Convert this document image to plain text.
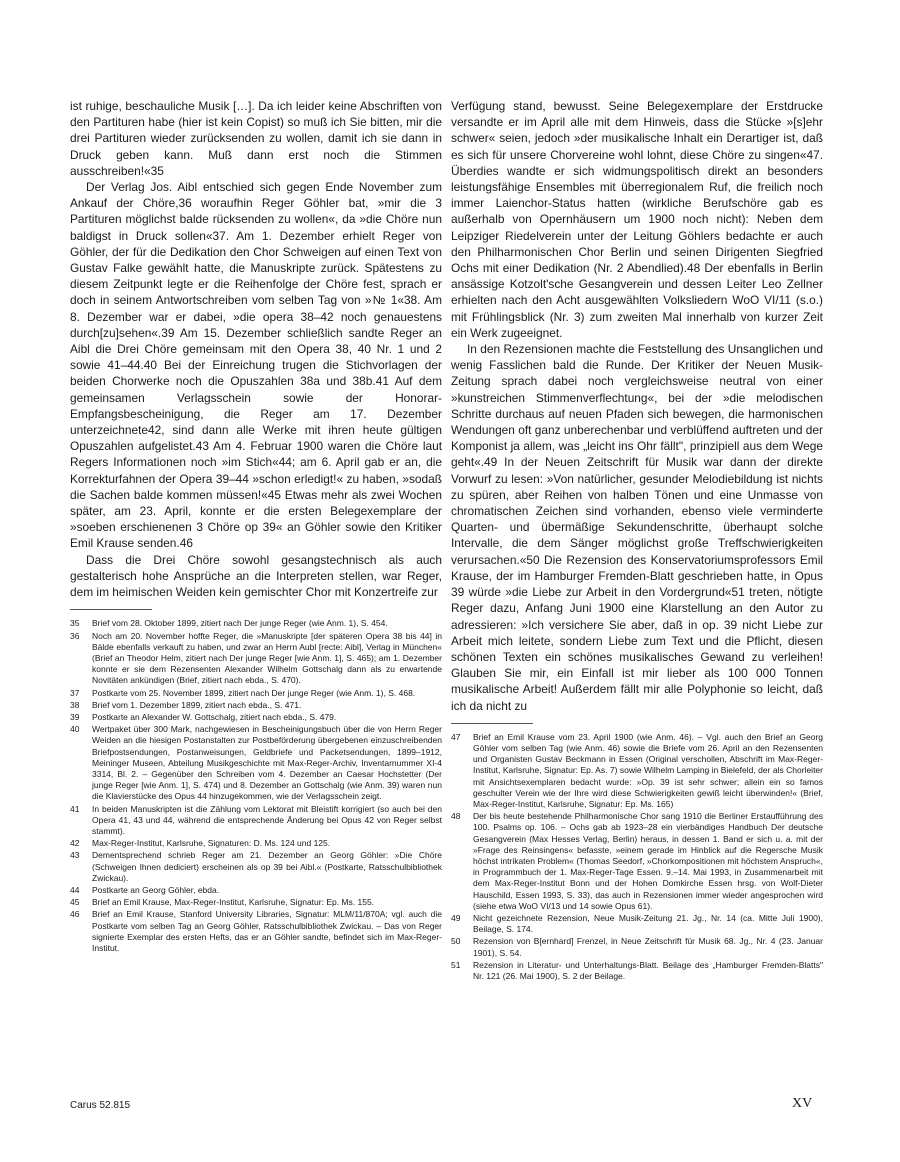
ist ruhige, beschauliche Musik […]. Da ich leider keine Abschriften von den Partituren habe (hier ist kein Copist) so muß ich Sie bitten, mir die drei Partituren wieder zurücksenden zu wollen, damit ich sie dann in Druck geben kann. Muß dann erst noch die Stimmen ausschreiben!«35

Der Verlag Jos. Aibl entschied sich gegen Ende November zum Ankauf der Chöre,36 woraufhin Reger Göhler bat, »mir die 3 Partituren möglichst balde rücksenden zu wollen«, da »die Chöre nun baldigst in Druck sollen«37. Am 1. Dezember erhielt Reger von Göhler, der für die Dedikation den Chor Schweigen auf einen Text von Gustav Falke gewählt hatte, die Manuskripte zurück. Spätestens zu diesem Zeitpunkt legte er die Reihenfolge der Chöre fest, sprach er doch in seinem Antwortschreiben vom selben Tag von »№ 1«38. Am 8. Dezember war er dabei, »die opera 38–42 noch genauestens durch[zu]sehen«.39 Am 15. Dezember schließlich sandte Reger an Aibl die Drei Chöre gemeinsam mit den Opera 38, 40 Nr. 1 und 2 sowie 41–44.40 Bei der Einreichung trugen die Stichvorlagen der beiden Chorwerke noch die Opuszahlen 38a und 38b.41 Auf dem gemeinsamen Verlagsschein sowie der Honorar-Empfangsbescheinigung, die Reger am 17. Dezember unterzeichnete42, sind dann alle Werke mit ihren heute gültigen Opuszahlen aufgelistet.43 Am 4. Februar 1900 waren die Chöre laut Regers Informationen noch »im Stich«44; am 6. April gab er an, die Korrekturfahnen der Opera 39–44 »schon erledigt!« zu haben, »sodaß die Sachen balde kommen müssen!«45 Etwas mehr als zwei Wochen später, am 23. April, konnte er die ersten Belegexemplare der »soeben erschienenen 3 Chöre op 39« an Göhler sowie den Kritiker Emil Krause senden.46

Dass die Drei Chöre sowohl gesangstechnisch als auch gestalterisch hohe Ansprüche an die Interpreten stellen, war Reger, dem im heimischen Weiden kein gemischter Chor mit Konzertreife zur

35	Brief vom 28. Oktober 1899, zitiert nach Der junge Reger (wie Anm. 1), S. 454.
36	Noch am 20. November hoffte Reger, die »Manuskripte [der späteren Opera 38 bis 44] in Bälde ebenfalls verkauft zu haben, und zwar an Herrn Aubl [recte: Aibl], Verlag in München« (Brief an Theodor Helm, zitiert nach Der junge Reger [wie Anm. 1], S. 465); am 1. Dezember konnte er sie dem Rezensenten Alexander Wilhelm Gottschalg dann als zu erwartende Novitäten ankündigen (Brief, zitiert nach ebda., S. 470).
37	Postkarte vom 25. November 1899, zitiert nach Der junge Reger (wie Anm. 1), S. 468.
38	Brief vom 1. Dezember 1899, zitiert nach ebda., S. 471.
39	Postkarte an Alexander W. Gottschalg, zitiert nach ebda., S. 479.
40	Wertpaket über 300 Mark, nachgewiesen in Bescheinigungsbuch über die von Herrn Reger Weiden an die hiesigen Postanstalten zur Postbeförderung übergebenen einzuschreibenden Briefpostsendungen, Postanweisungen, Geldbriefe und Packetsendungen, 1899–1912, Meininger Museen, Abteilung Musikgeschichte mit Max-Reger-Archiv, Inventarnummer XI-4 3314, Bl. 2. – Gegenüber den Schreiben vom 4. Dezember an Caesar Hochstetter (Der junge Reger [wie Anm. 1], S. 474) und 8. Dezember an Gottschalg (wie Anm. 39) waren nun die Klavierstücke des Opus 44 hinzugekommen, wie der Verlagsschein zeigt.
41	In beiden Manuskripten ist die Zählung vom Lektorat mit Bleistift korrigiert (so auch bei den Opera 41, 43 und 44, während die entsprechende Änderung bei Opus 42 von Reger selbst stammt).
42	Max-Reger-Institut, Karlsruhe, Signaturen: D. Ms. 124 und 125.
43	Dementsprechend schrieb Reger am 21. Dezember an Georg Göhler: »Die Chöre (Schweigen Ihnen dediciert) erscheinen als op 39 bei Aibl.« (Postkarte, Ratsschulbibliothek Zwickau).
44	Postkarte an Georg Göhler, ebda.
45	Brief an Emil Krause, Max-Reger-Institut, Karlsruhe, Signatur: Ep. Ms. 155.
46	Brief an Emil Krause, Stanford University Libraries, Signatur: MLM/11/870A; vgl. auch die Postkarte vom selben Tag an Georg Göhler, Ratsschulbibliothek Zwickau. – Das von Reger signierte Exemplar des ersten Hefts, das er an Göhler sandte, befindet sich im Max-Reger-Institut.

Verfügung stand, bewusst. Seine Belegexemplare der Erstdrucke versandte er im April alle mit dem Hinweis, dass die Stücke »[s]ehr schwer« seien, jedoch »der musikalische Inhalt ein Derartiger ist, daß es sich für unsere Chorvereine wohl lohnt, diese Chöre zu singen«47. Überdies wandte er sich widmungspolitisch direkt an besonders leistungsfähige Ensembles mit überregionalem Ruf, die freilich noch immer Laienchor-Status hatten (wirkliche Berufschöre gab es außerhalb von Opernhäusern um 1900 noch nicht): Neben dem Leipziger Riedelverein unter der Leitung Göhlers bedachte er auch den Philharmonischen Chor Berlin und seinen Dirigenten Siegfried Ochs mit einer Dedikation (Nr. 2 Abendlied).48 Der ebenfalls in Berlin ansässige Kotzolt'sche Gesangverein und dessen Leiter Leo Zellner erhielten nach den Acht ausgewählten Volksliedern WoO VI/11 (s.o.) mit Frühlingsblick (Nr. 3) zum zweiten Mal innerhalb von kurzer Zeit ein Werk zugeeignet.

In den Rezensionen machte die Feststellung des Unsanglichen und wenig Fasslichen bald die Runde. Der Kritiker der Neuen Musik-Zeitung sprach dabei noch vergleichsweise neutral von einer »kunstreichen Stimmenverflechtung«, bei der »die melodischen Schritte durchaus auf neuen Pfaden sich bewegen, die harmonischen Wendungen oft ganz unberechenbar und verblüffend auftreten und der Komponist ja allem, was „leicht ins Ohr fällt", prinzipiell aus dem Wege geht«.49 In der Neuen Zeitschrift für Musik war dann der direkte Vorwurf zu lesen: »Von natürlicher, gesunder Melodiebildung ist nichts zu spüren, aber Reihen von halben Tönen und eine Unmasse von chromatischen Zeichen sind vorhanden, ebenso viele verminderte Quarten- und übermäßige Sekundenschritte, überhaupt solche Intervalle, die dem Sänger möglichst große Treffschwierigkeiten verursachen.«50 Die Rezension des Konservatoriumsprofessors Emil Krause, der im Hamburger Fremden-Blatt geschrieben hatte, in Opus 39 würde »die Liebe zur Arbeit in den Vordergrund«51 treten, nötigte Reger dazu, Anfang Juni 1900 eine Klarstellung an den Autor zu adressieren: »Ich versichere Sie aber, daß in op. 39 nicht Liebe zur Arbeit mich leitete, sondern Liebe zum Text und die Pflicht, diesen schönen Texten ein schönes musikalisches Gewand zu verleihen! Glauben Sie mir, ein Einfall ist mir lieber als 100 000 Tonnen musikalische Arbeit! Außerdem fällt mir alle Polyphonie so leicht, daß ich da nicht zu

47	Brief an Emil Krause vom 23. April 1900 (wie Anm. 46). – Vgl. auch den Brief an Georg Göhler vom selben Tag (wie Anm. 46) sowie die Briefe vom 26. April an den Rezensenten und Organisten Gustav Beckmann in Essen (Original verschollen, Abschrift im Max-Reger-Institut, Karlsruhe, Signatur: Ep. As. 7) sowie Wilhelm Lamping in Bielefeld, der als Chorleiter mit Ansichtsexemplaren bedacht wurde: »Op. 39 ist sehr schwer; allein ein so famos geschulter Verein wie der Ihre wird diese Schwierigkeiten gewiß leicht überwinden!« (Brief, Max-Reger-Institut, Karlsruhe, Signatur: Ep. Ms. 165)
48	Der bis heute bestehende Philharmonische Chor sang 1910 die Berliner Erstaufführung des 100. Psalms op. 106. – Ochs gab ab 1923–28 ein vierbändiges Handbuch Der deutsche Gesangverein (Max Hesses Verlag, Berlin) heraus, in dessen 1. Band er sich u. a. mit der »Frage des Reinsingens« befasste, »einem gerade im Hinblick auf die Regersche Musik höchst intrikaten Problem« (Thomas Seedorf, »Chorkompositionen mit höchstem Anspruch«, in Programmbuch der 1. Max-Reger-Tage Essen. 9.–14. Mai 1993, in Zusammenarbeit mit dem Max-Reger-Institut Bonn und der Hohen Domkirche Essen hrsg. von Wolf-Dieter Hauschild, Essen 1993, S. 33), das auch in Rezensionen immer wieder angesprochen wird (siehe etwa WoO VI/13 und 14 sowie Opus 61).
49	Nicht gezeichnete Rezension, Neue Musik-Zeitung 21. Jg., Nr. 14 (ca. Mitte Juli 1900), Beilage, S. 174.
50	Rezension von B[ernhard] Frenzel, in Neue Zeitschrift für Musik 68. Jg., Nr. 4 (23. Januar 1901), S. 54.
51	Rezension in Literatur- und Unterhaltungs-Blatt. Beilage des „Hamburger Fremden-Blatts" Nr. 121 (26. Mai 1900), S. 2 der Beilage.
Carus 52.815	XV
